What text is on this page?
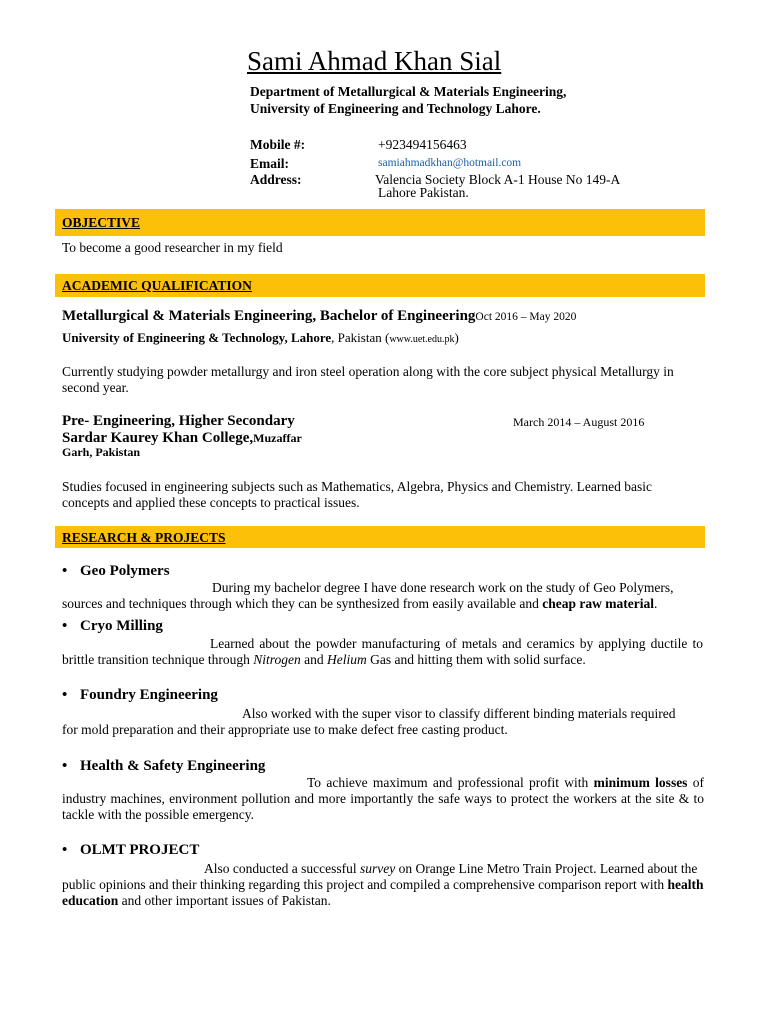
Sami Ahmad Khan Sial
Department of Metallurgical & Materials Engineering,
University of Engineering and Technology Lahore.
Mobile #:	+923494156463
Email:	samiahmadkhan@hotmail.com
Address:	Valencia Society Block A-1 House No 149-A
Lahore Pakistan.
OBJECTIVE
To become a good researcher in my field
ACADEMIC QUALIFICATION
Metallurgical & Materials Engineering, Bachelor of EngineeringOct 2016 – May 2020
University of Engineering & Technology, Lahore, Pakistan (www.uet.edu.pk)
Currently studying powder metallurgy and iron steel operation along with the core subject physical Metallurgy in second year.
Pre- Engineering, Higher Secondary	March 2014 – August 2016
Sardar Kaurey Khan College,Muzaffar
Garh, Pakistan
Studies focused in engineering subjects such as Mathematics, Algebra, Physics and Chemistry. Learned basic concepts and applied these concepts to practical issues.
RESEARCH & PROJECTS
• Geo Polymers
During my bachelor degree I have done research work on the study of Geo Polymers, sources and techniques through which they can be synthesized from easily available and cheap raw material.
• Cryo Milling
Learned about the powder manufacturing of metals and ceramics by applying ductile to brittle transition technique through Nitrogen and Helium Gas and hitting them with solid surface.
• Foundry Engineering
Also worked with the super visor to classify different binding materials required for mold preparation and their appropriate use to make defect free casting product.
• Health & Safety Engineering
To achieve maximum and professional profit with minimum losses of industry machines, environment pollution and more importantly the safe ways to protect the workers at the site & to tackle with the possible emergency.
• OLMT PROJECT
Also conducted a successful survey on Orange Line Metro Train Project. Learned about the public opinions and their thinking regarding this project and compiled a comprehensive comparison report with health education and other important issues of Pakistan.
